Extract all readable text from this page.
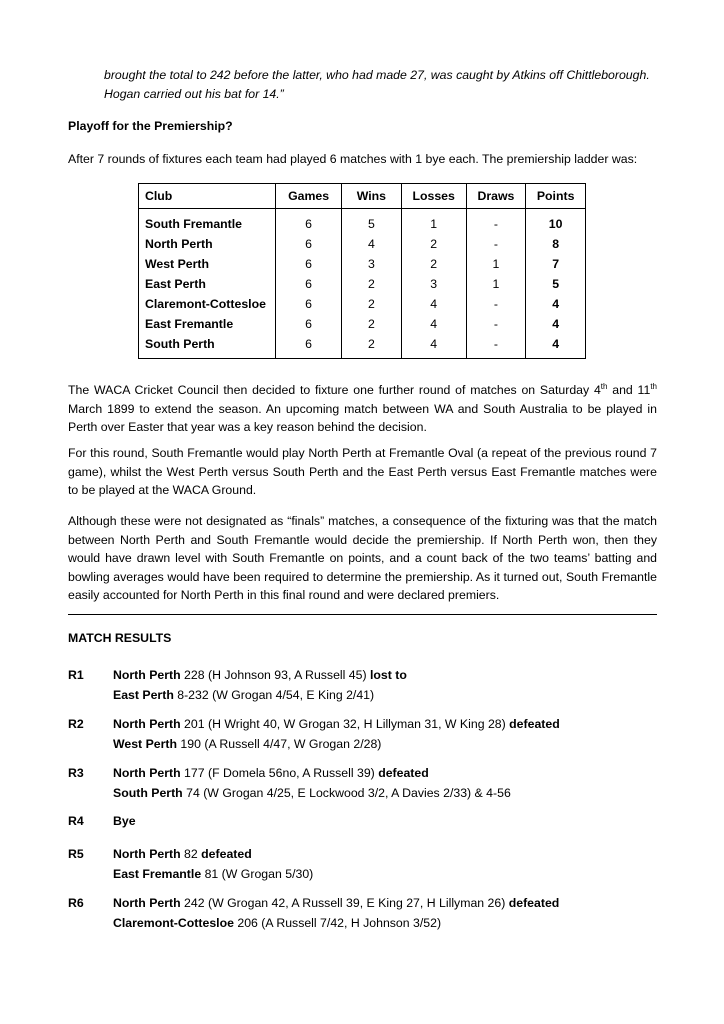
brought the total to 242 before the latter, who had made 27, was caught by Atkins off Chittleborough.
Hogan carried out his bat for 14.”
Playoff for the Premiership?
After 7 rounds of fixtures each team had played 6 matches with 1 bye each. The premiership ladder was:
Club	Games	Wins	Losses	Draws	Points
South Fremantle	6	5	1	-	10
North Perth	6	4	2	-	8
West Perth	6	3	2	1	7
East Perth	6	2	3	1	5
Claremont-Cottesloe	6	2	4	-	4
East Fremantle	6	2	4	-	4
South Perth	6	2	4	-	4

The WACA Cricket Council then decided to fixture one further round of matches on Saturday 4th and 11th March 1899 to extend the season. An upcoming match between WA and South Australia to be played in Perth over Easter that year was a key reason behind the decision.

For this round, South Fremantle would play North Perth at Fremantle Oval (a repeat of the previous round 7 game), whilst the West Perth versus South Perth and the East Perth versus East Fremantle matches were to be played at the WACA Ground.

Although these were not designated as “finals” matches, a consequence of the fixturing was that the match between North Perth and South Fremantle would decide the premiership. If North Perth won, then they would have drawn level with South Fremantle on points, and a count back of the two teams’ batting and bowling averages would have been required to determine the premiership. As it turned out, South Fremantle easily accounted for North Perth in this final round and were declared premiers.

MATCH RESULTS
R1 North Perth 228 (H Johnson 93, A Russell 45) lost to
East Perth 8-232 (W Grogan 4/54, E King 2/41)
R2 North Perth 201 (H Wright 40, W Grogan 32, H Lillyman 31, W King 28) defeated
West Perth 190 (A Russell 4/47, W Grogan 2/28)
R3 North Perth 177 (F Domela 56no, A Russell 39) defeated
South Perth 74 (W Grogan 4/25, E Lockwood 3/2, A Davies 2/33) & 4-56
R4 Bye
R5 North Perth 82 defeated
East Fremantle 81 (W Grogan 5/30)
R6 North Perth 242 (W Grogan 42, A Russell 39, E King 27, H Lillyman 26) defeated
Claremont-Cottesloe 206 (A Russell 7/42, H Johnson 3/52)
